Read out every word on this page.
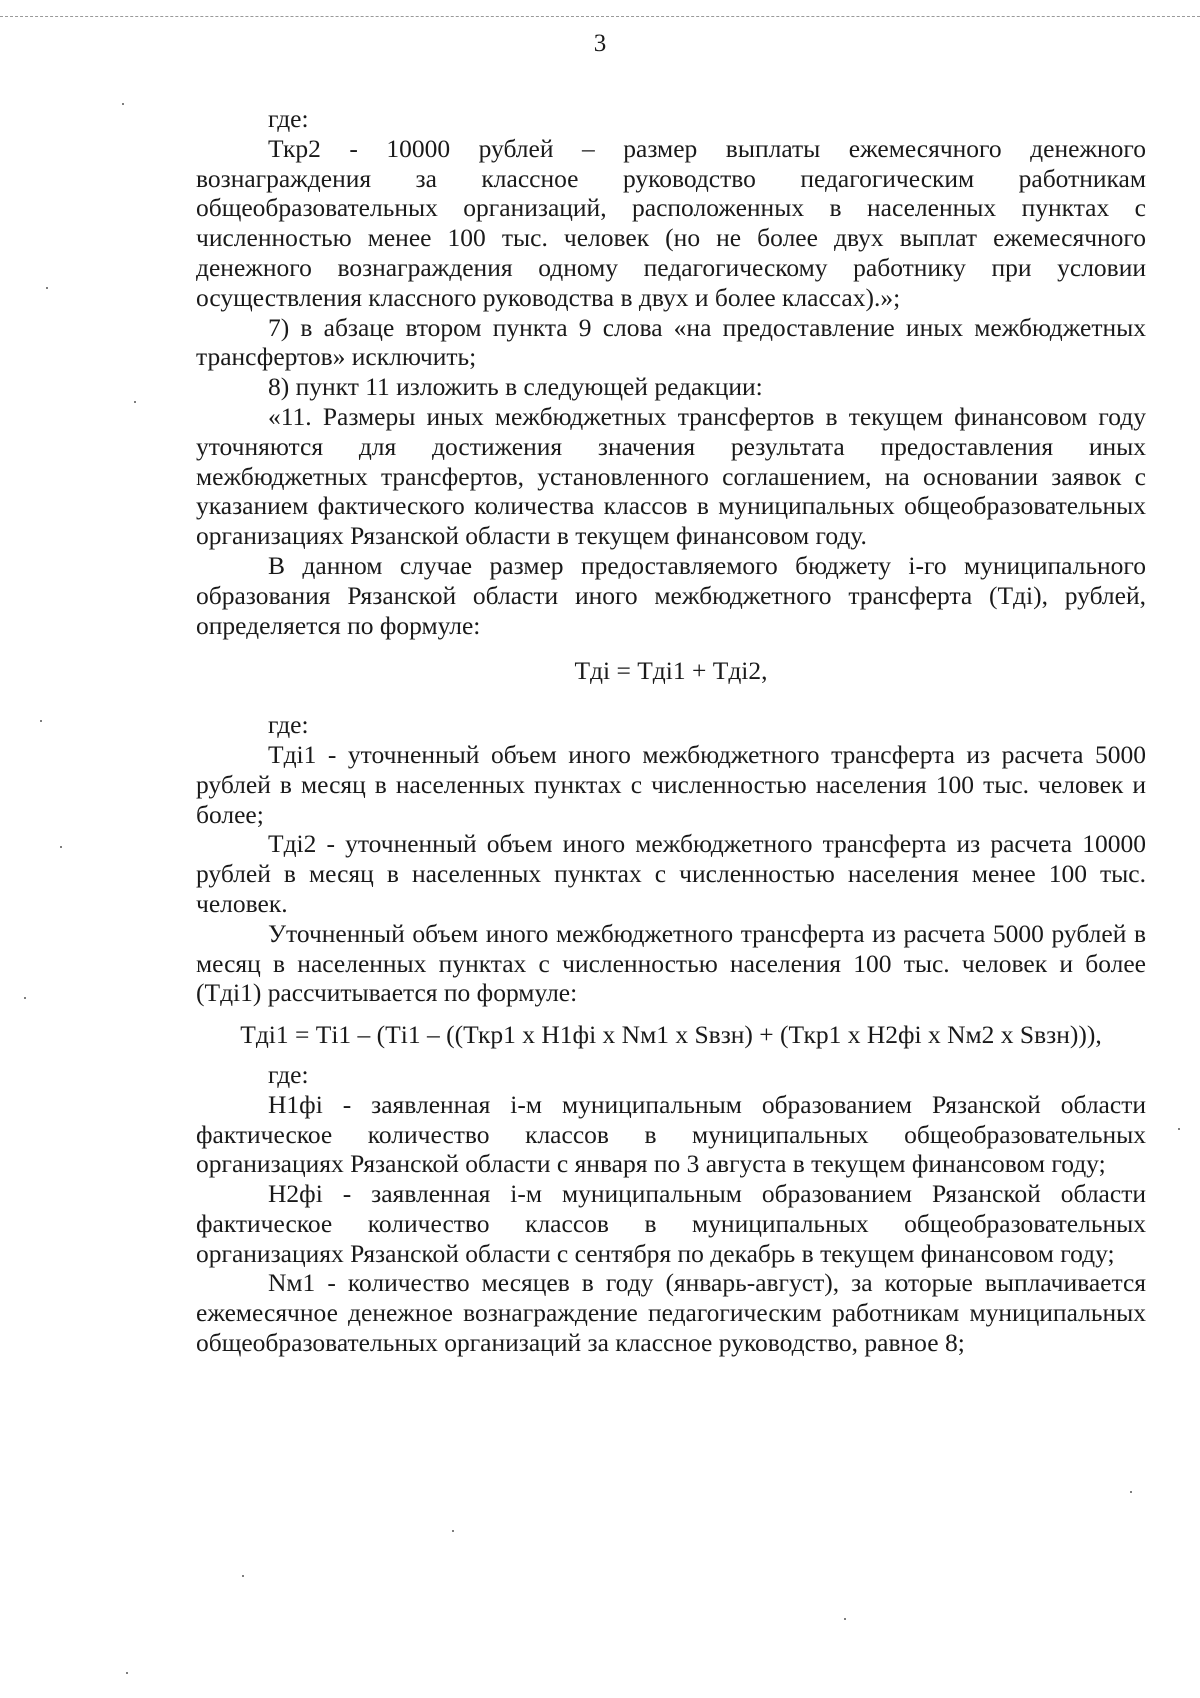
3

где:

Ткр2 - 10000 рублей – размер выплаты ежемесячного денежного вознаграждения за классное руководство педагогическим работникам общеобразовательных организаций, расположенных в населенных пунктах с численностью менее 100 тыс. человек (но не более двух выплат ежемесячного денежного вознаграждения одному педагогическому работнику при условии осуществления классного руководства в двух и более классах).»;

7) в абзаце втором пункта 9 слова «на предоставление иных межбюджетных трансфертов» исключить;

8) пункт 11 изложить в следующей редакции:

«11. Размеры иных межбюджетных трансфертов в текущем финансовом году уточняются для достижения значения результата предоставления иных межбюджетных трансфертов, установленного соглашением, на основании заявок с указанием фактического количества классов в муниципальных общеобразовательных организациях Рязанской области в текущем финансовом году.

В данном случае размер предоставляемого бюджету i-го муниципального образования Рязанской области иного межбюджетного трансферта (Тдi), рублей, определяется по формуле:

Тдi = Тдi1 + Тдi2,

где:

Тдi1 - уточненный объем иного межбюджетного трансферта из расчета 5000 рублей в месяц в населенных пунктах с численностью населения 100 тыс. человек и более;

Тдi2 - уточненный объем иного межбюджетного трансферта из расчета 10000 рублей в месяц в населенных пунктах с численностью населения менее 100 тыс. человек.

Уточненный объем иного межбюджетного трансферта из расчета 5000 рублей в месяц в населенных пунктах с численностью населения 100 тыс. человек и более (Тдi1) рассчитывается по формуле:

Тдi1 = Тi1 – (Тi1 – ((Ткр1 x Н1фi x Nм1 x Sвзн) + (Ткр1 x Н2фi x Nм2 x Sвзн))),

где:

Н1фi - заявленная i-м муниципальным образованием Рязанской области фактическое количество классов в муниципальных общеобразовательных организациях Рязанской области с января по 3 августа в текущем финансовом году;

Н2фi - заявленная i-м муниципальным образованием Рязанской области фактическое количество классов в муниципальных общеобразовательных организациях Рязанской области с сентября по декабрь в текущем финансовом году;

Nм1 - количество месяцев в году (январь-август), за которые выплачивается ежемесячное денежное вознаграждение педагогическим работникам муниципальных общеобразовательных организаций за классное руководство, равное 8;
